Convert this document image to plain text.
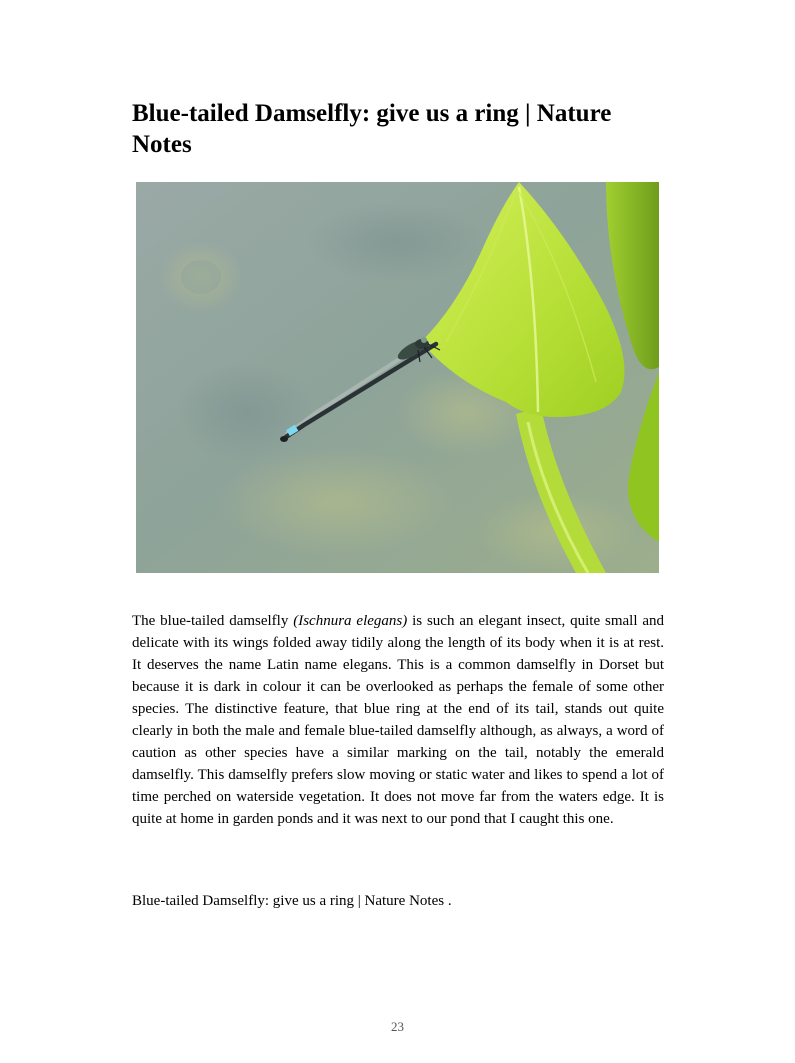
Blue-tailed Damselfly: give us a ring | Nature Notes

The blue-tailed damselfly (Ischnura elegans) is such an elegant insect, quite small and delicate with its wings folded away tidily along the length of its body when it is at rest. It deserves the name Latin name elegans. This is a common damselfly in Dorset but because it is dark in colour it can be overlooked as perhaps the female of some other species. The distinctive feature, that blue ring at the end of its tail, stands out quite clearly in both the male and female blue-tailed damselfly although, as always, a word of caution as other species have a similar marking on the tail, notably the emerald damselfly. This damselfly prefers slow moving or static water and likes to spend a lot of time perched on waterside vegetation. It does not move far from the waters edge. It is quite at home in garden ponds and it was next to our pond that I caught this one.

Blue-tailed Damselfly: give us a ring | Nature Notes .

23
